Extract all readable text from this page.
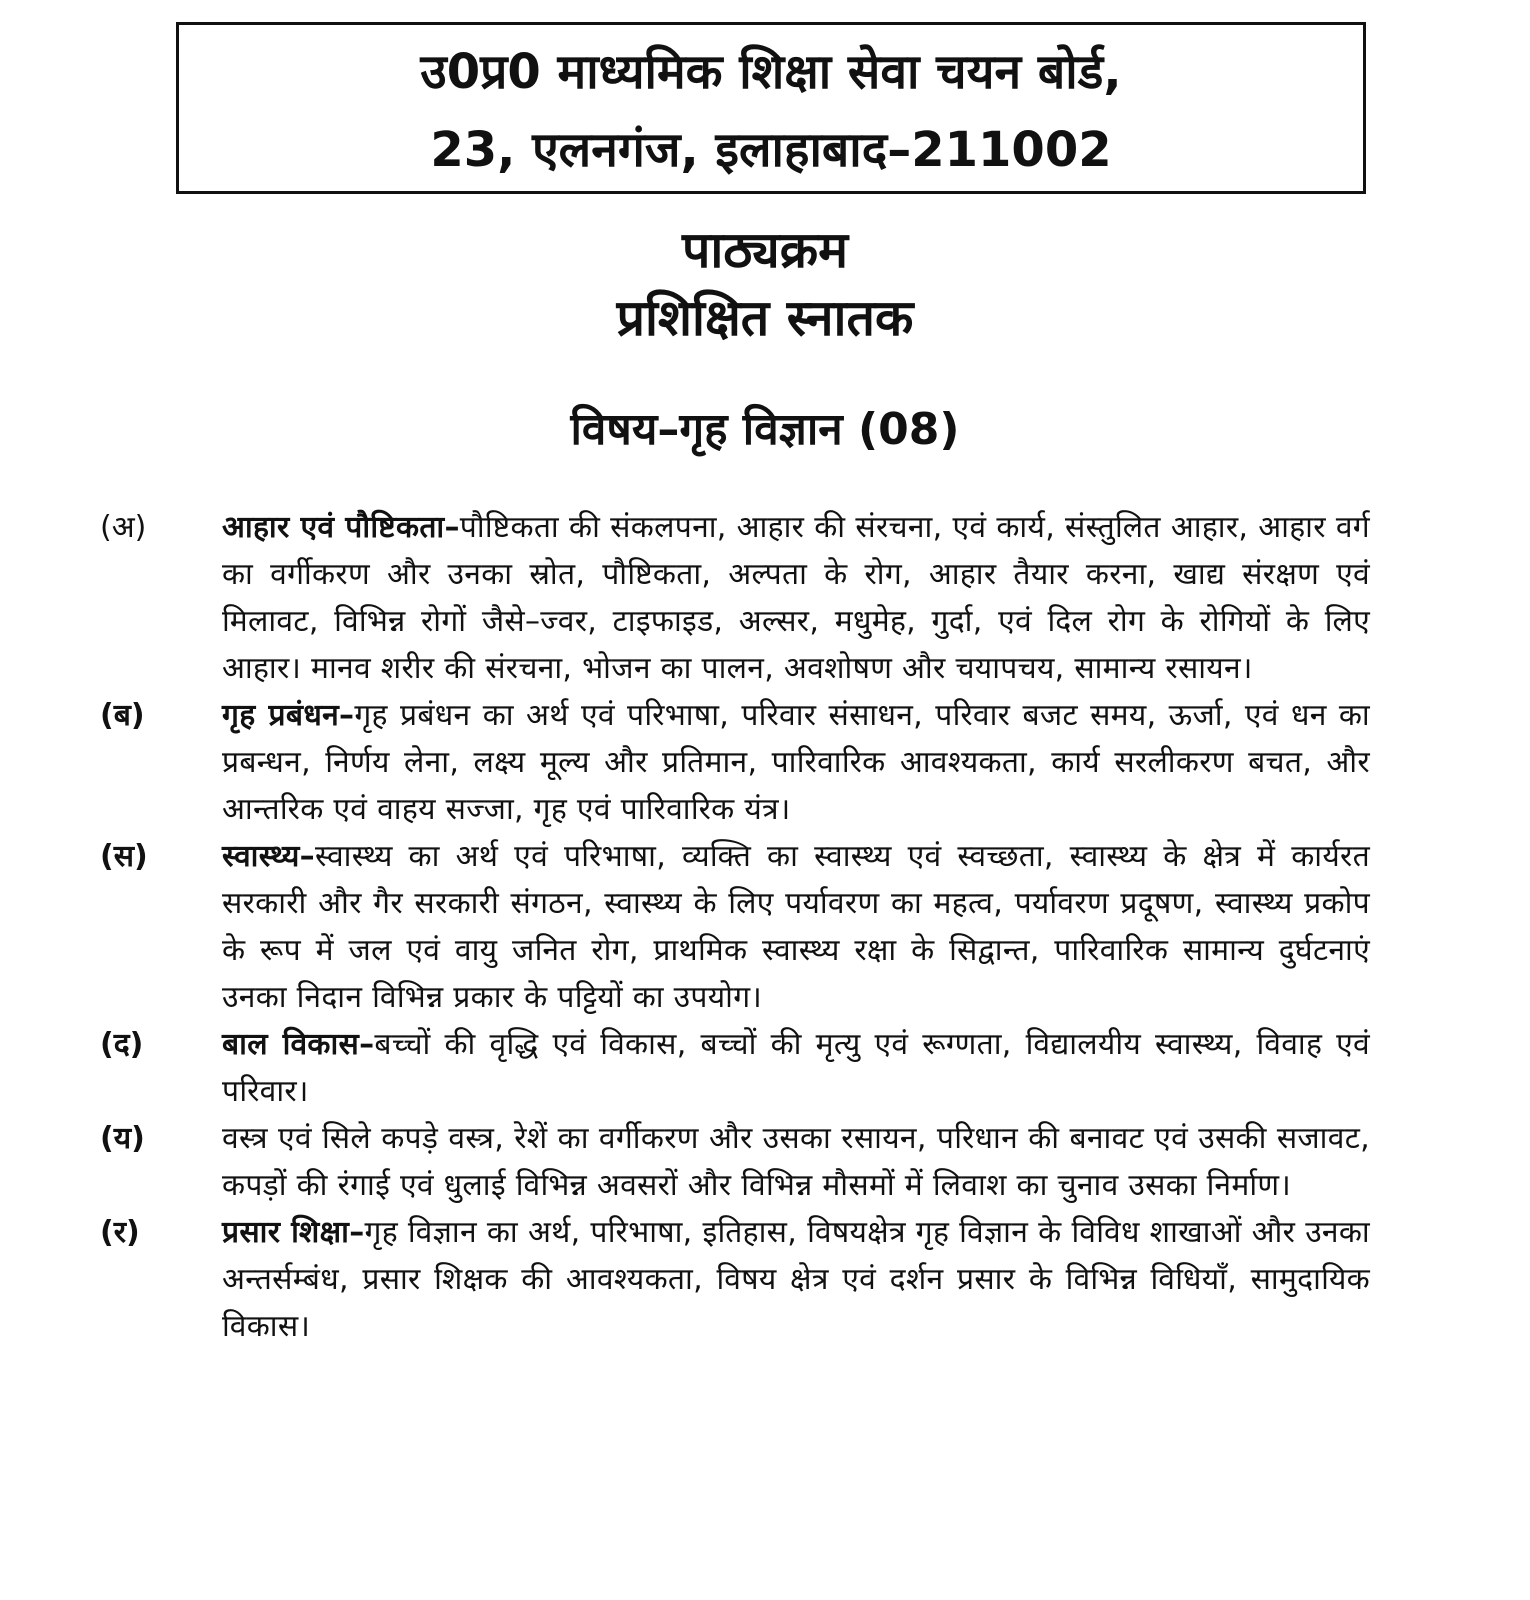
उ0प्र0 माध्यमिक शिक्षा सेवा चयन बोर्ड,
23, एलनगंज, इलाहाबाद–211002
पाठ्यक्रम
प्रशिक्षित स्नातक
विषय–गृह विज्ञान (08)
(अ)	आहार एवं पौष्टिकता–पौष्टिकता की संकलपना, आहार की संरचना, एवं कार्य, संस्तुलित आहार, आहार वर्ग का वर्गीकरण और उनका स्रोत, पौष्टिकता, अल्पता के रोग, आहार तैयार करना, खाद्य संरक्षण एवं मिलावट, विभिन्न रोगों जैसे–ज्वर, टाइफाइड, अल्सर, मधुमेह, गुर्दा, एवं दिल रोग के रोगियों के लिए आहार। मानव शरीर की संरचना, भोजन का पालन, अवशोषण और चयापचय, सामान्य रसायन।
(ब)	गृह प्रबंधन–गृह प्रबंधन का अर्थ एवं परिभाषा, परिवार संसाधन, परिवार बजट समय, ऊर्जा, एवं धन का प्रबन्धन, निर्णय लेना, लक्ष्य मूल्य और प्रतिमान, पारिवारिक आवश्यकता, कार्य सरलीकरण बचत, और आन्तरिक एवं वाहय सज्जा, गृह एवं पारिवारिक यंत्र।
(स)	स्वास्थ्य–स्वास्थ्य का अर्थ एवं परिभाषा, व्यक्ति का स्वास्थ्य एवं स्वच्छता, स्वास्थ्य के क्षेत्र में कार्यरत सरकारी और गैर सरकारी संगठन, स्वास्थ्य के लिए पर्यावरण का महत्व, पर्यावरण प्रदूषण, स्वास्थ्य प्रकोप के रूप में जल एवं वायु जनित रोग, प्राथमिक स्वास्थ्य रक्षा के सिद्वान्त, पारिवारिक सामान्य दुर्घटनाएं उनका निदान विभिन्न प्रकार के पट्टियों का उपयोग।
(द)	बाल विकास–बच्चों की वृद्धि एवं विकास, बच्चों की मृत्यु एवं रूग्णता, विद्यालयीय स्वास्थ्य, विवाह एवं परिवार।
(य)	वस्त्र एवं सिले कपड़े वस्त्र, रेशें का वर्गीकरण और उसका रसायन, परिधान की बनावट एवं उसकी सजावट, कपड़ों की रंगाई एवं धुलाई विभिन्न अवसरों और विभिन्न मौसमों में लिवाश का चुनाव उसका निर्माण।
(र)	प्रसार शिक्षा–गृह विज्ञान का अर्थ, परिभाषा, इतिहास, विषयक्षेत्र गृह विज्ञान के विविध शाखाओं और उनका अन्तर्सम्बंध, प्रसार शिक्षक की आवश्यकता, विषय क्षेत्र एवं दर्शन प्रसार के विभिन्न विधियॉं, सामुदायिक विकास।
